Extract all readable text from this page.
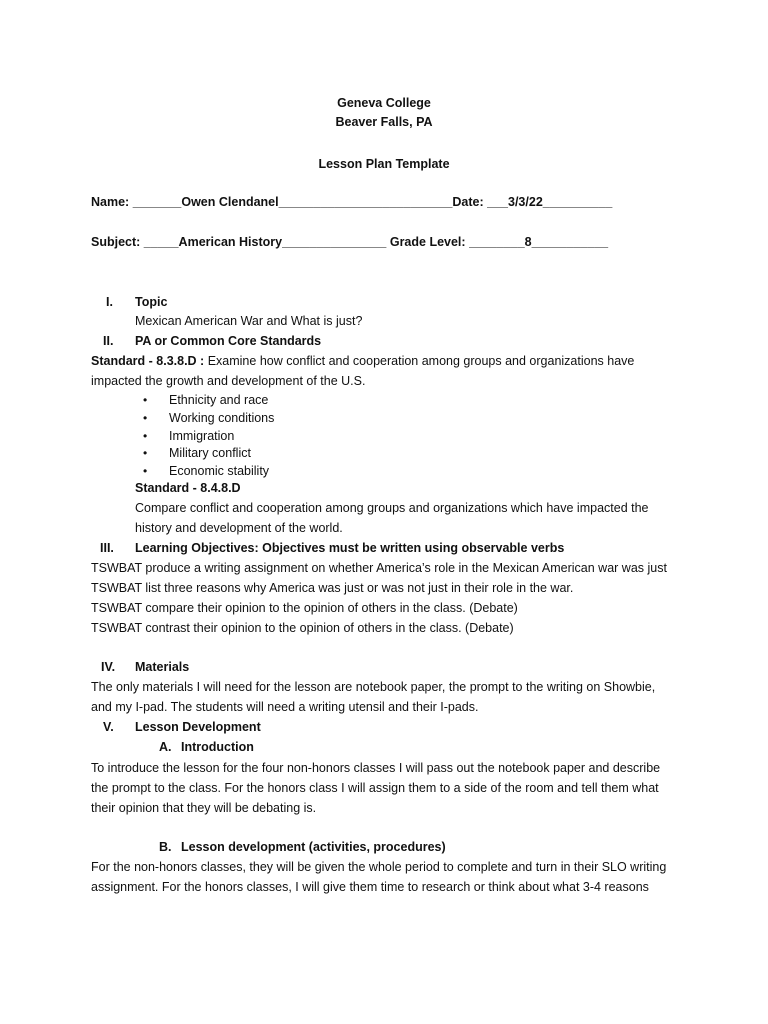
Geneva College
Beaver Falls, PA
Lesson Plan Template
Name: _______Owen Clendanel_________________________Date: ___3/3/22__________
Subject: _____American History_______________ Grade Level: ________8___________
I. Topic
Mexican American War and What is just?
II. PA or Common Core Standards
Standard - 8.3.8.D : Examine how conflict and cooperation among groups and organizations have
impacted the growth and development of the U.S.
• Ethnicity and race
• Working conditions
• Immigration
• Military conflict
• Economic stability
Standard - 8.4.8.D
Compare conflict and cooperation among groups and organizations which have impacted the
history and development of the world.
III. Learning Objectives: Objectives must be written using observable verbs
TSWBAT produce a writing assignment on whether America’s role in the Mexican American war was just
TSWBAT list three reasons why America was just or was not just in their role in the war.
TSWBAT compare their opinion to the opinion of others in the class. (Debate)
TSWBAT contrast their opinion to the opinion of others in the class. (Debate)
IV. Materials
The only materials I will need for the lesson are notebook paper, the prompt to the writing on Showbie,
and my I-pad. The students will need a writing utensil and their I-pads.
V. Lesson Development
A. Introduction
To introduce the lesson for the four non-honors classes I will pass out the notebook paper and describe
the prompt to the class. For the honors class I will assign them to a side of the room and tell them what
their opinion that they will be debating is.
B. Lesson development (activities, procedures)
For the non-honors classes, they will be given the whole period to complete and turn in their SLO writing
assignment. For the honors classes, I will give them time to research or think about what 3-4 reasons
